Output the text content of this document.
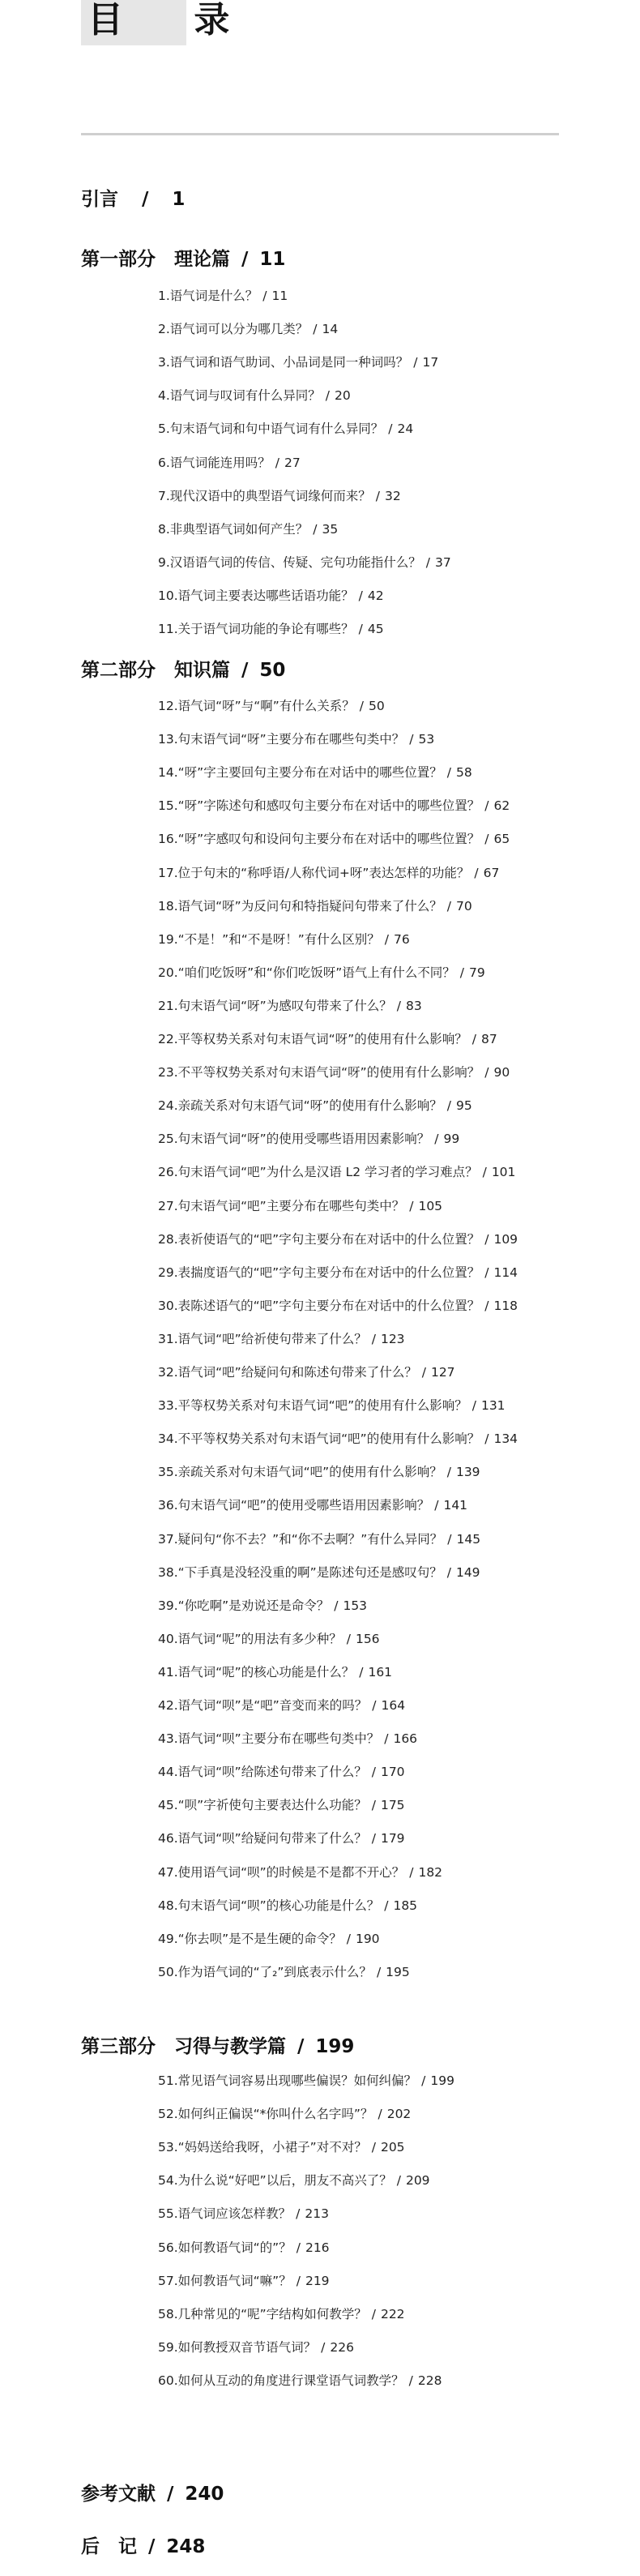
目 录
引言　/　1
第一部分　理论篇 / 11
1.语气词是什么？ / 11
2.语气词可以分为哪几类？ / 14
3.语气词和语气助词、小品词是同一种词吗？ / 17
4.语气词与叹词有什么异同？ / 20
5.句末语气词和句中语气词有什么异同？ / 24
6.语气词能连用吗？ / 27
7.现代汉语中的典型语气词缘何而来？ / 32
8.非典型语气词如何产生？ / 35
9.汉语语气词的传信、传疑、完句功能指什么？ / 37
10.语气词主要表达哪些话语功能？ / 42
11.关于语气词功能的争论有哪些？ / 45
第二部分　知识篇 / 50
12.语气词“呀”与“啊”有什么关系？ / 50
13.句末语气词“呀”主要分布在哪些句类中？ / 53
14.“呀”字主要回句主要分布在对话中的哪些位置？ / 58
15.“呀”字陈述句和感叹句主要分布在对话中的哪些位置？ / 62
16.“呀”字感叹句和设问句主要分布在对话中的哪些位置？ / 65
17.位于句末的“称呼语/人称代词+呀”表达怎样的功能？ / 67
18.语气词“呀”为反问句和特指疑问句带来了什么？ / 70
19.“不是！”和“不是呀！”有什么区别？ / 76
20.“咱们吃饭呀”和“你们吃饭呀”语气上有什么不同？ / 79
21.句末语气词“呀”为感叹句带来了什么？ / 83
22.平等权势关系对句末语气词“呀”的使用有什么影响？ / 87
23.不平等权势关系对句末语气词“呀”的使用有什么影响？ / 90
24.亲疏关系对句末语气词“呀”的使用有什么影响？ / 95
25.句末语气词“呀”的使用受哪些语用因素影响？ / 99
26.句末语气词“吧”为什么是汉语 L2 学习者的学习难点？ / 101
27.句末语气词“吧”主要分布在哪些句类中？ / 105
28.表祈使语气的“吧”字句主要分布在对话中的什么位置？ / 109
29.表揣度语气的“吧”字句主要分布在对话中的什么位置？ / 114
30.表陈述语气的“吧”字句主要分布在对话中的什么位置？ / 118
31.语气词“吧”给祈使句带来了什么？ / 123
32.语气词“吧”给疑问句和陈述句带来了什么？ / 127
33.平等权势关系对句末语气词“吧”的使用有什么影响？ / 131
34.不平等权势关系对句末语气词“吧”的使用有什么影响？ / 134
35.亲疏关系对句末语气词“吧”的使用有什么影响？ / 139
36.句末语气词“吧”的使用受哪些语用因素影响？ / 141
37.疑问句“你不去？”和“你不去啊？”有什么异同？ / 145
38.“下手真是没轻没重的啊”是陈述句还是感叹句？ / 149
39.“你吃啊”是劝说还是命令？ / 153
40.语气词“呢”的用法有多少种？ / 156
41.语气词“呢”的核心功能是什么？ / 161
42.语气词“呗”是“吧”音变而来的吗？ / 164
43.语气词“呗”主要分布在哪些句类中？ / 166
44.语气词“呗”给陈述句带来了什么？ / 170
45.“呗”字祈使句主要表达什么功能？ / 175
46.语气词“呗”给疑问句带来了什么？ / 179
47.使用语气词“呗”的时候是不是都不开心？ / 182
48.句末语气词“呗”的核心功能是什么？ / 185
49.“你去呗”是不是生硬的命令？ / 190
50.作为语气词的“了₂”到底表示什么？ / 195
第三部分　习得与教学篇 / 199
51.常见语气词容易出现哪些偏误？如何纠偏？ / 199
52.如何纠正偏误“*你叫什么名字吗”？ / 202
53.“妈妈送给我呀，小裙子”对不对？ / 205
54.为什么说“好吧”以后，朋友不高兴了？ / 209
55.语气词应该怎样教？ / 213
56.如何教语气词“的”？ / 216
57.如何教语气词“嘛”？ / 219
58.几种常见的“呢”字结构如何教学？ / 222
59.如何教授双音节语气词？ / 226
60.如何从互动的角度进行课堂语气词教学？ / 228
参考文献 / 240
后　记 / 248
